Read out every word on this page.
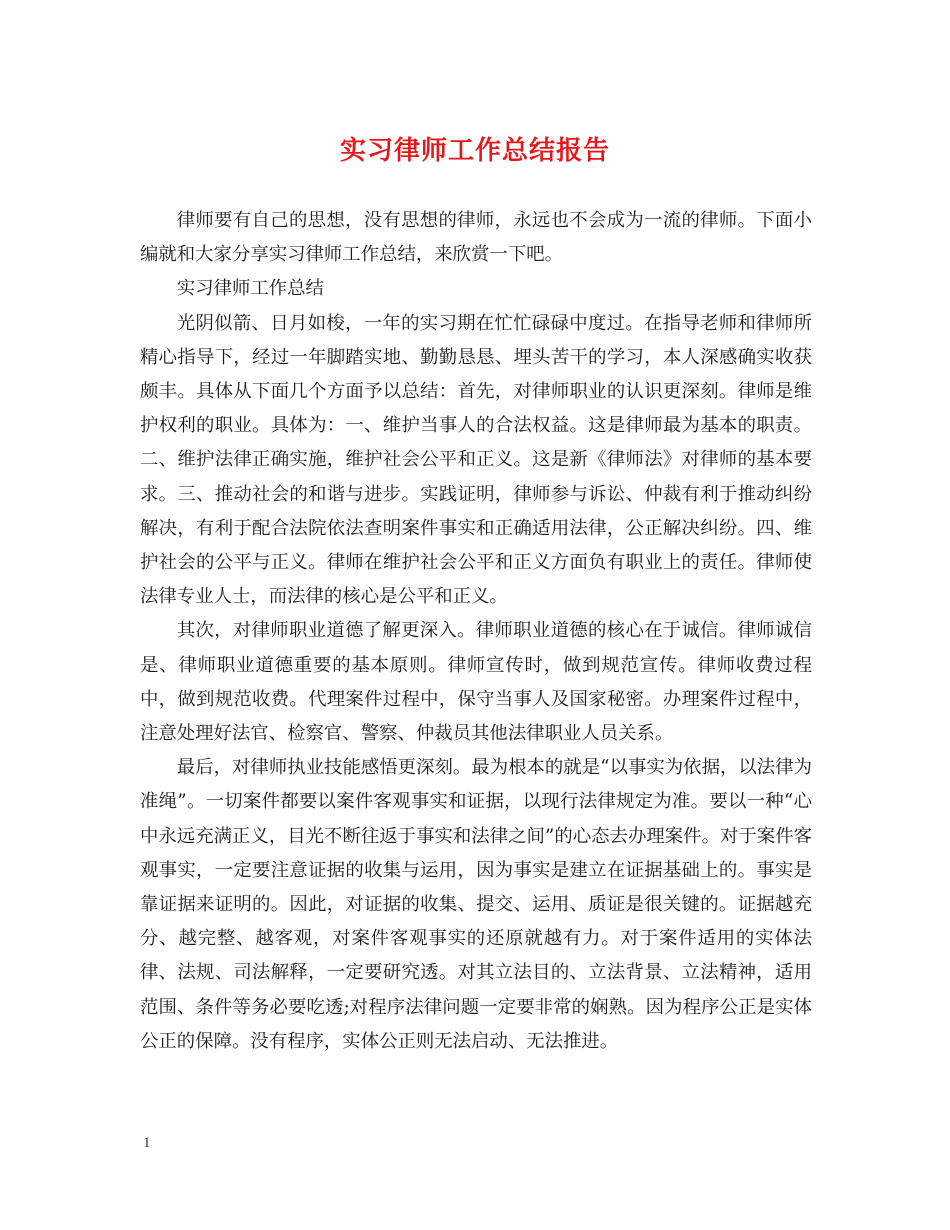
实习律师工作总结报告

律师要有自己的思想，没有思想的律师，永远也不会成为一流的律师。下面小编就和大家分享实习律师工作总结，来欣赏一下吧。

实习律师工作总结

光阴似箭、日月如梭，一年的实习期在忙忙碌碌中度过。在指导老师和律师所精心指导下，经过一年脚踏实地、勤勤恳恳、埋头苦干的学习，本人深感确实收获颇丰。具体从下面几个方面予以总结：首先，对律师职业的认识更深刻。律师是维护权利的职业。具体为：一、维护当事人的合法权益。这是律师最为基本的职责。二、维护法律正确实施，维护社会公平和正义。这是新《律师法》对律师的基本要求。三、推动社会的和谐与进步。实践证明，律师参与诉讼、仲裁有利于推动纠纷解决，有利于配合法院依法查明案件事实和正确适用法律，公正解决纠纷。四、维护社会的公平与正义。律师在维护社会公平和正义方面负有职业上的责任。律师使法律专业人士，而法律的核心是公平和正义。

其次，对律师职业道德了解更深入。律师职业道德的核心在于诚信。律师诚信是、律师职业道德重要的基本原则。律师宣传时，做到规范宣传。律师收费过程中，做到规范收费。代理案件过程中，保守当事人及国家秘密。办理案件过程中，注意处理好法官、检察官、警察、仲裁员其他法律职业人员关系。

最后，对律师执业技能感悟更深刻。最为根本的就是“以事实为依据，以法律为准绳”。一切案件都要以案件客观事实和证据，以现行法律规定为准。要以一种“心中永远充满正义，目光不断往返于事实和法律之间”的心态去办理案件。对于案件客观事实，一定要注意证据的收集与运用，因为事实是建立在证据基础上的。事实是靠证据来证明的。因此，对证据的收集、提交、运用、质证是很关键的。证据越充分、越完整、越客观，对案件客观事实的还原就越有力。对于案件适用的实体法律、法规、司法解释，一定要研究透。对其立法目的、立法背景、立法精神，适用范围、条件等务必要吃透;对程序法律问题一定要非常的娴熟。因为程序公正是实体公正的保障。没有程序，实体公正则无法启动、无法推进。

1
